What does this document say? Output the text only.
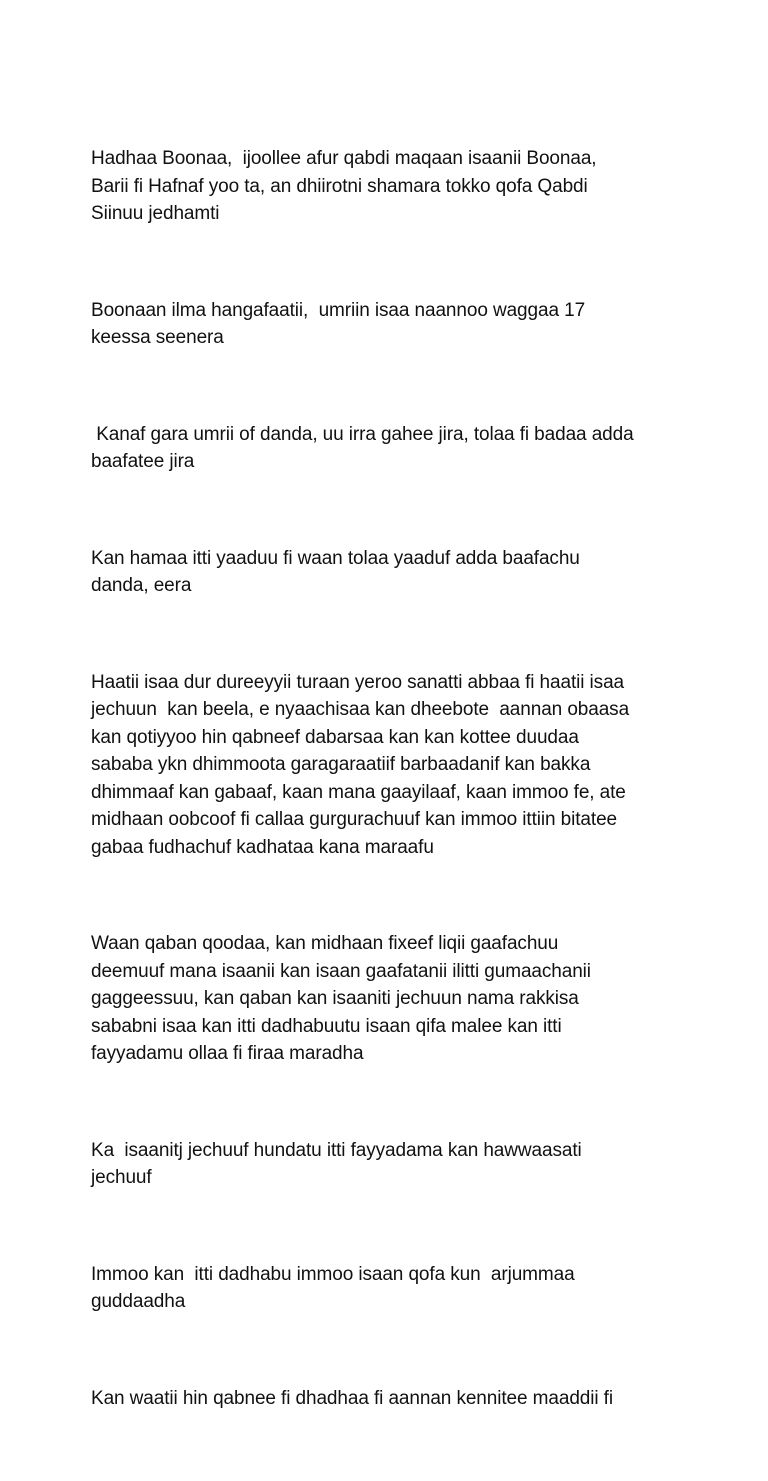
Hadhaa Boonaa,  ijoollee afur qabdi maqaan isaanii Boonaa,
Barii fi Hafnaf yoo ta, an dhiirotni shamara tokko qofa Qabdi
Siinuu jedhamti

Boonaan ilma hangafaatii,  umriin isaa naannoo waggaa 17
keessa seenera

Kanaf gara umrii of danda, uu irra gahee jira, tolaa fi badaa adda
baafatee jira

Kan hamaa itti yaaduu fi waan tolaa yaaduf adda baafachu
danda, eera

Haatii isaa dur dureeyyii turaan yeroo sanatti abbaa fi haatii isaa
jechuun  kan beela, e nyaachisaa kan dheebote  aannan obaasa
kan qotiyyoo hin qabneef dabarsaa kan kan kottee duudaa
sababa ykn dhimmoota garagaraatiif barbaadanif kan bakka
dhimmaaf kan gabaaf, kaan mana gaayilaaf, kaan immoo fe, ate
midhaan oobcoof fi callaa gurgurachuuf kan immoo ittiin bitatee
gabaa fudhachuf kadhataa kana maraafu

Waan qaban qoodaa, kan midhaan fixeef liqii gaafachuu
deemuuf mana isaanii kan isaan gaafatanii ilitti gumaachanii
gaggeessuu, kan qaban kan isaaniti jechuun nama rakkisa
sababni isaa kan itti dadhabuutu isaan qifa malee kan itti
fayyadamu ollaa fi firaa maradha

Ka  isaanitj jechuuf hundatu itti fayyadama kan hawwaasati
jechuuf

Immoo kan  itti dadhabu immoo isaan qofa kun  arjummaa
guddaadha

Kan waatii hin qabnee fi dhadhaa fi aannan kennitee maaddii fi
